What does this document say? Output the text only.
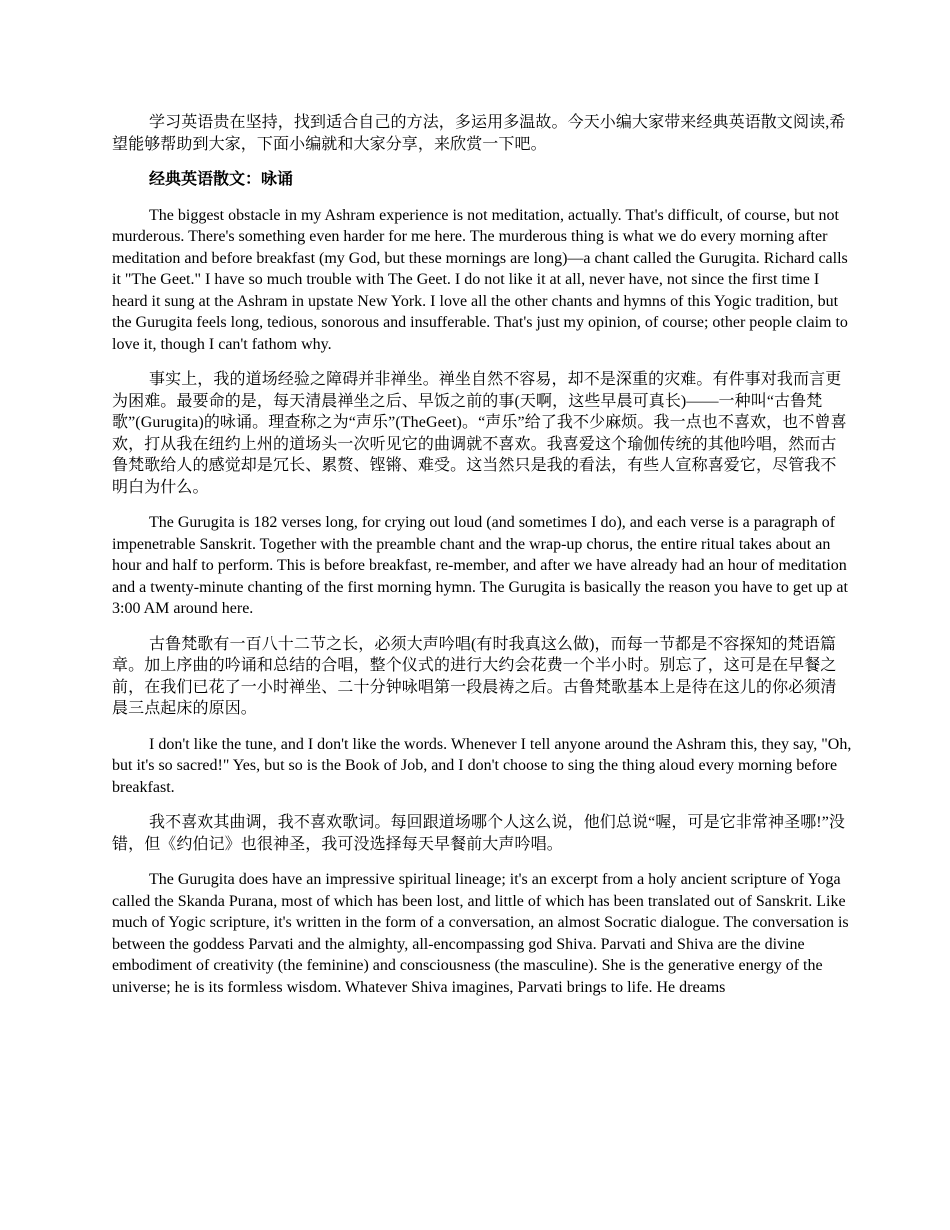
学习英语贵在坚持，找到适合自己的方法，多运用多温故。今天小编大家带来经典英语散文阅读,希望能够帮助到大家，下面小编就和大家分享，来欣赏一下吧。

经典英语散文：咏诵

The biggest obstacle in my Ashram experience is not meditation, actually. That's difficult, of course, but not murderous. There's something even harder for me here. The murderous thing is what we do every morning after meditation and before breakfast (my God, but these mornings are long)—a chant called the Gurugita. Richard calls it "The Geet." I have so much trouble with The Geet. I do not like it at all, never have, not since the first time I heard it sung at the Ashram in upstate New York. I love all the other chants and hymns of this Yogic tradition, but the Gurugita feels long, tedious, sonorous and insufferable. That's just my opinion, of course; other people claim to love it, though I can't fathom why.

事实上，我的道场经验之障碍并非禅坐。禅坐自然不容易，却不是深重的灾难。有件事对我而言更为困难。最要命的是，每天清晨禅坐之后、早饭之前的事(天啊，这些早晨可真长)——一种叫“古鲁梵歌”(Gurugita)的咏诵。理查称之为“声乐”(TheGeet)。“声乐”给了我不少麻烦。我一点也不喜欢，也不曾喜欢，打从我在纽约上州的道场头一次听见它的曲调就不喜欢。我喜爱这个瑜伽传统的其他吟唱，然而古鲁梵歌给人的感觉却是冗长、累赘、铿锵、难受。这当然只是我的看法，有些人宣称喜爱它，尽管我不明白为什么。

The Gurugita is 182 verses long, for crying out loud (and sometimes I do), and each verse is a paragraph of impenetrable Sanskrit. Together with the preamble chant and the wrap-up chorus, the entire ritual takes about an hour and half to perform. This is before breakfast, re-member, and after we have already had an hour of meditation and a twenty-minute chanting of the first morning hymn. The Gurugita is basically the reason you have to get up at 3:00 AM around here.

古鲁梵歌有一百八十二节之长，必须大声吟唱(有时我真这么做)，而每一节都是不容探知的梵语篇章。加上序曲的吟诵和总结的合唱，整个仪式的进行大约会花费一个半小时。别忘了，这可是在早餐之前，在我们已花了一小时禅坐、二十分钟咏唱第一段晨祷之后。古鲁梵歌基本上是待在这儿的你必须清晨三点起床的原因。

I don't like the tune, and I don't like the words. Whenever I tell anyone around the Ashram this, they say, "Oh, but it's so sacred!" Yes, but so is the Book of Job, and I don't choose to sing the thing aloud every morning before breakfast.

我不喜欢其曲调，我不喜欢歌词。每回跟道场哪个人这么说，他们总说“喔，可是它非常神圣哪!”没错，但《约伯记》也很神圣，我可没选择每天早餐前大声吟唱。

The Gurugita does have an impressive spiritual lineage; it's an excerpt from a holy ancient scripture of Yoga called the Skanda Purana, most of which has been lost, and little of which has been translated out of Sanskrit. Like much of Yogic scripture, it's written in the form of a conversation, an almost Socratic dialogue. The conversation is between the goddess Parvati and the almighty, all-encompassing god Shiva. Parvati and Shiva are the divine embodiment of creativity (the feminine) and consciousness (the masculine). She is the generative energy of the universe; he is its formless wisdom. Whatever Shiva imagines, Parvati brings to life. He dreams
